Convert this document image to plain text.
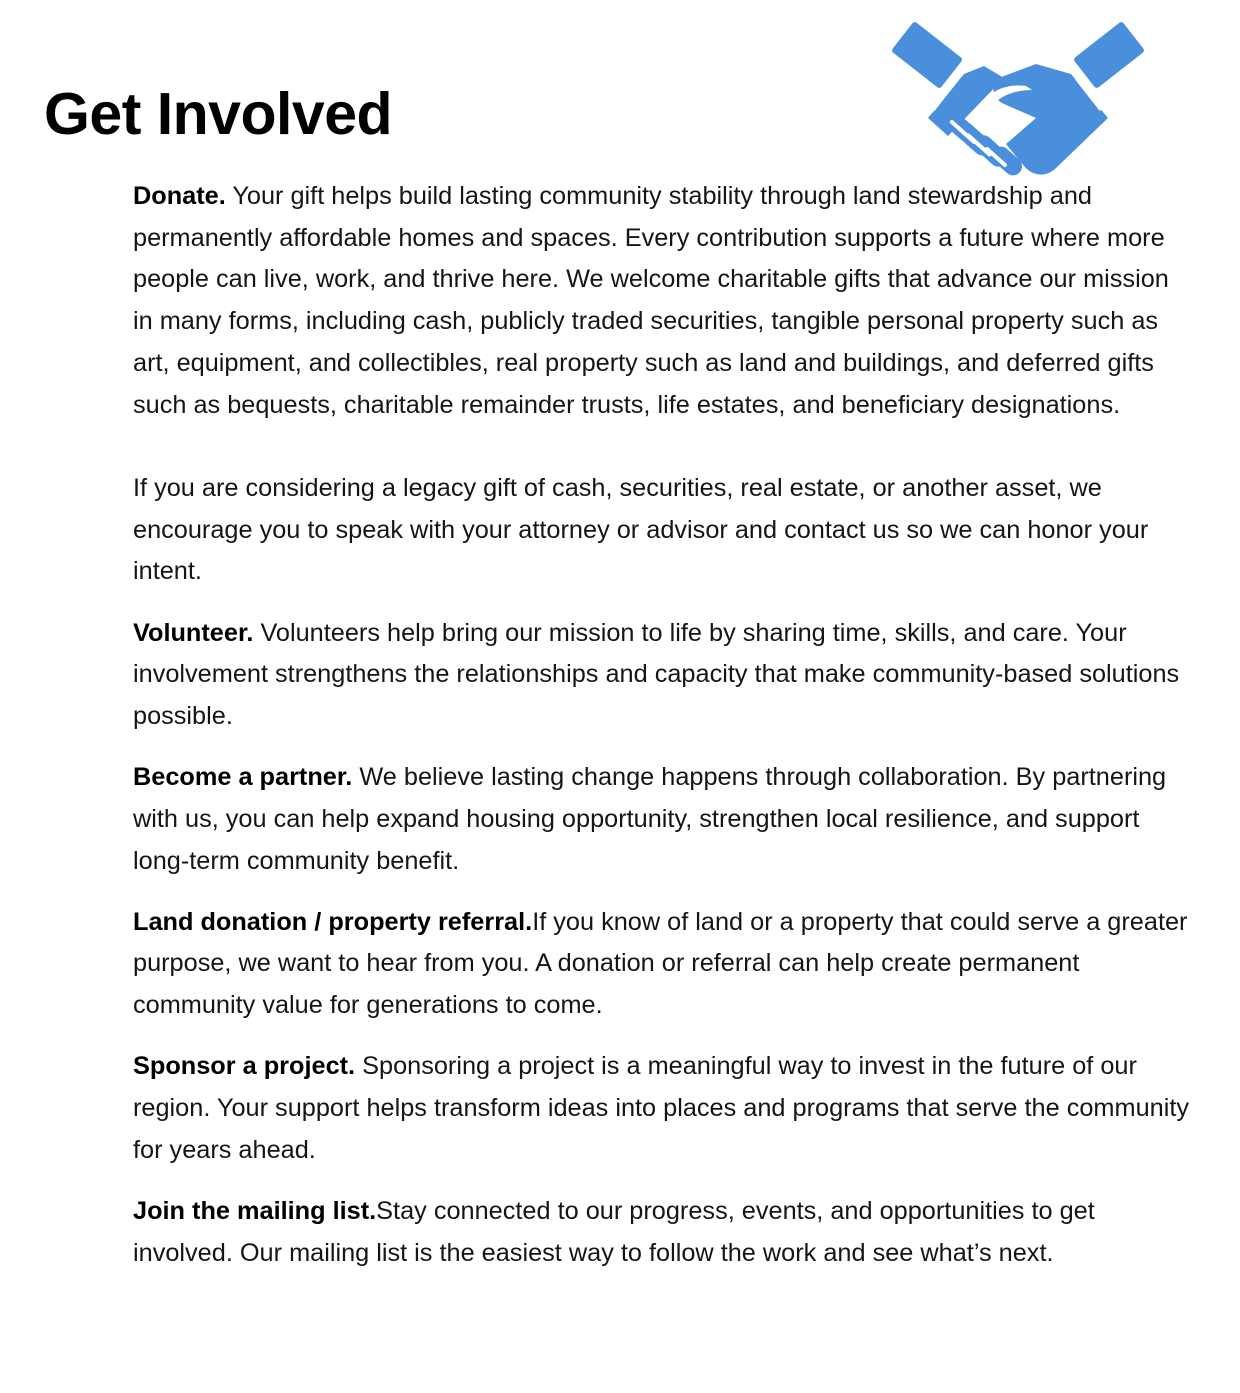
Get Involved

Donate. Your gift helps build lasting community stability through land stewardship and permanently affordable homes and spaces. Every contribution supports a future where more people can live, work, and thrive here. We welcome charitable gifts that advance our mission in many forms, including cash, publicly traded securities, tangible personal property such as art, equipment, and collectibles, real property such as land and buildings, and deferred gifts such as bequests, charitable remainder trusts, life estates, and beneficiary designations.

If you are considering a legacy gift of cash, securities, real estate, or another asset, we encourage you to speak with your attorney or advisor and contact us so we can honor your intent.

Volunteer. Volunteers help bring our mission to life by sharing time, skills, and care. Your involvement strengthens the relationships and capacity that make community-based solutions possible.

Become a partner. We believe lasting change happens through collaboration. By partnering with us, you can help expand housing opportunity, strengthen local resilience, and support long-term community benefit.

Land donation / property referral.If you know of land or a property that could serve a greater purpose, we want to hear from you. A donation or referral can help create permanent community value for generations to come.

Sponsor a project. Sponsoring a project is a meaningful way to invest in the future of our region. Your support helps transform ideas into places and programs that serve the community for years ahead.

Join the mailing list.Stay connected to our progress, events, and opportunities to get involved. Our mailing list is the easiest way to follow the work and see what’s next.
